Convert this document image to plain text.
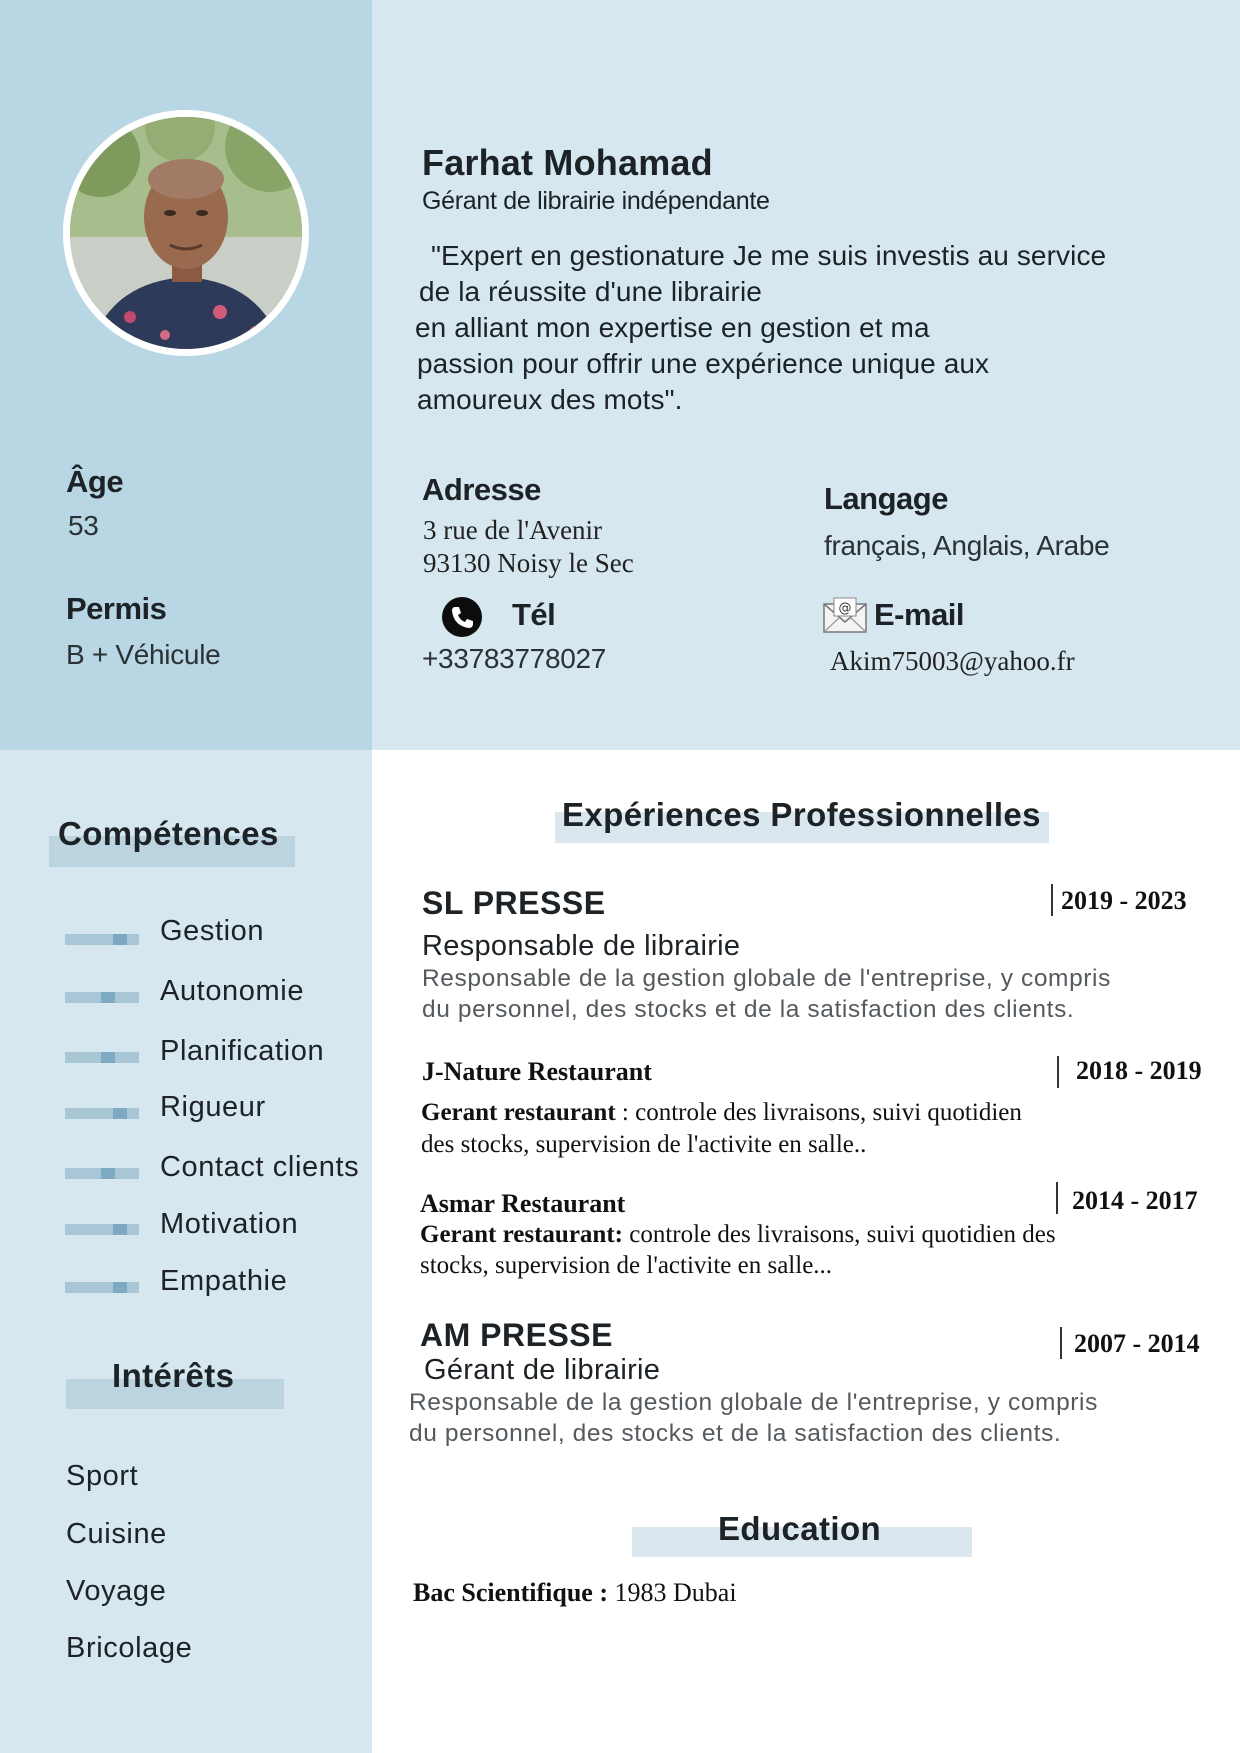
Farhat Mohamad
Gérant de librairie indépendante
"Expert en gestionature Je me suis investis au service
de la réussite d'une librairie
en alliant mon expertise en gestion et ma
passion pour offrir une expérience unique aux
amoureux des mots".
Âge
53
Permis
B + Véhicule
Adresse
3 rue de l'Avenir
93130 Noisy le Sec
Langage
français, Anglais, Arabe
Tél
+33783778027
@ E-mail
Akim75003@yahoo.fr
Compétences
Gestion
Autonomie
Planification
Rigueur
Contact clients
Motivation
Empathie
Intérêts
Sport
Cuisine
Voyage
Bricolage
Expériences Professionnelles
SL PRESSE	2019 - 2023
Responsable de librairie
Responsable de la gestion globale de l'entreprise, y compris
du personnel, des stocks et de la satisfaction des clients.
J-Nature Restaurant	2018 - 2019
Gerant restaurant : controle des livraisons, suivi quotidien
des stocks, supervision de l'activite en salle..
Asmar Restaurant	2014 - 2017
Gerant restaurant: controle des livraisons, suivi quotidien des
stocks, supervision de l'activite en salle...
AM PRESSE	2007 - 2014
Gérant de librairie
Responsable de la gestion globale de l'entreprise, y compris
du personnel, des stocks et de la satisfaction des clients.
Education
Bac Scientifique : 1983 Dubai
